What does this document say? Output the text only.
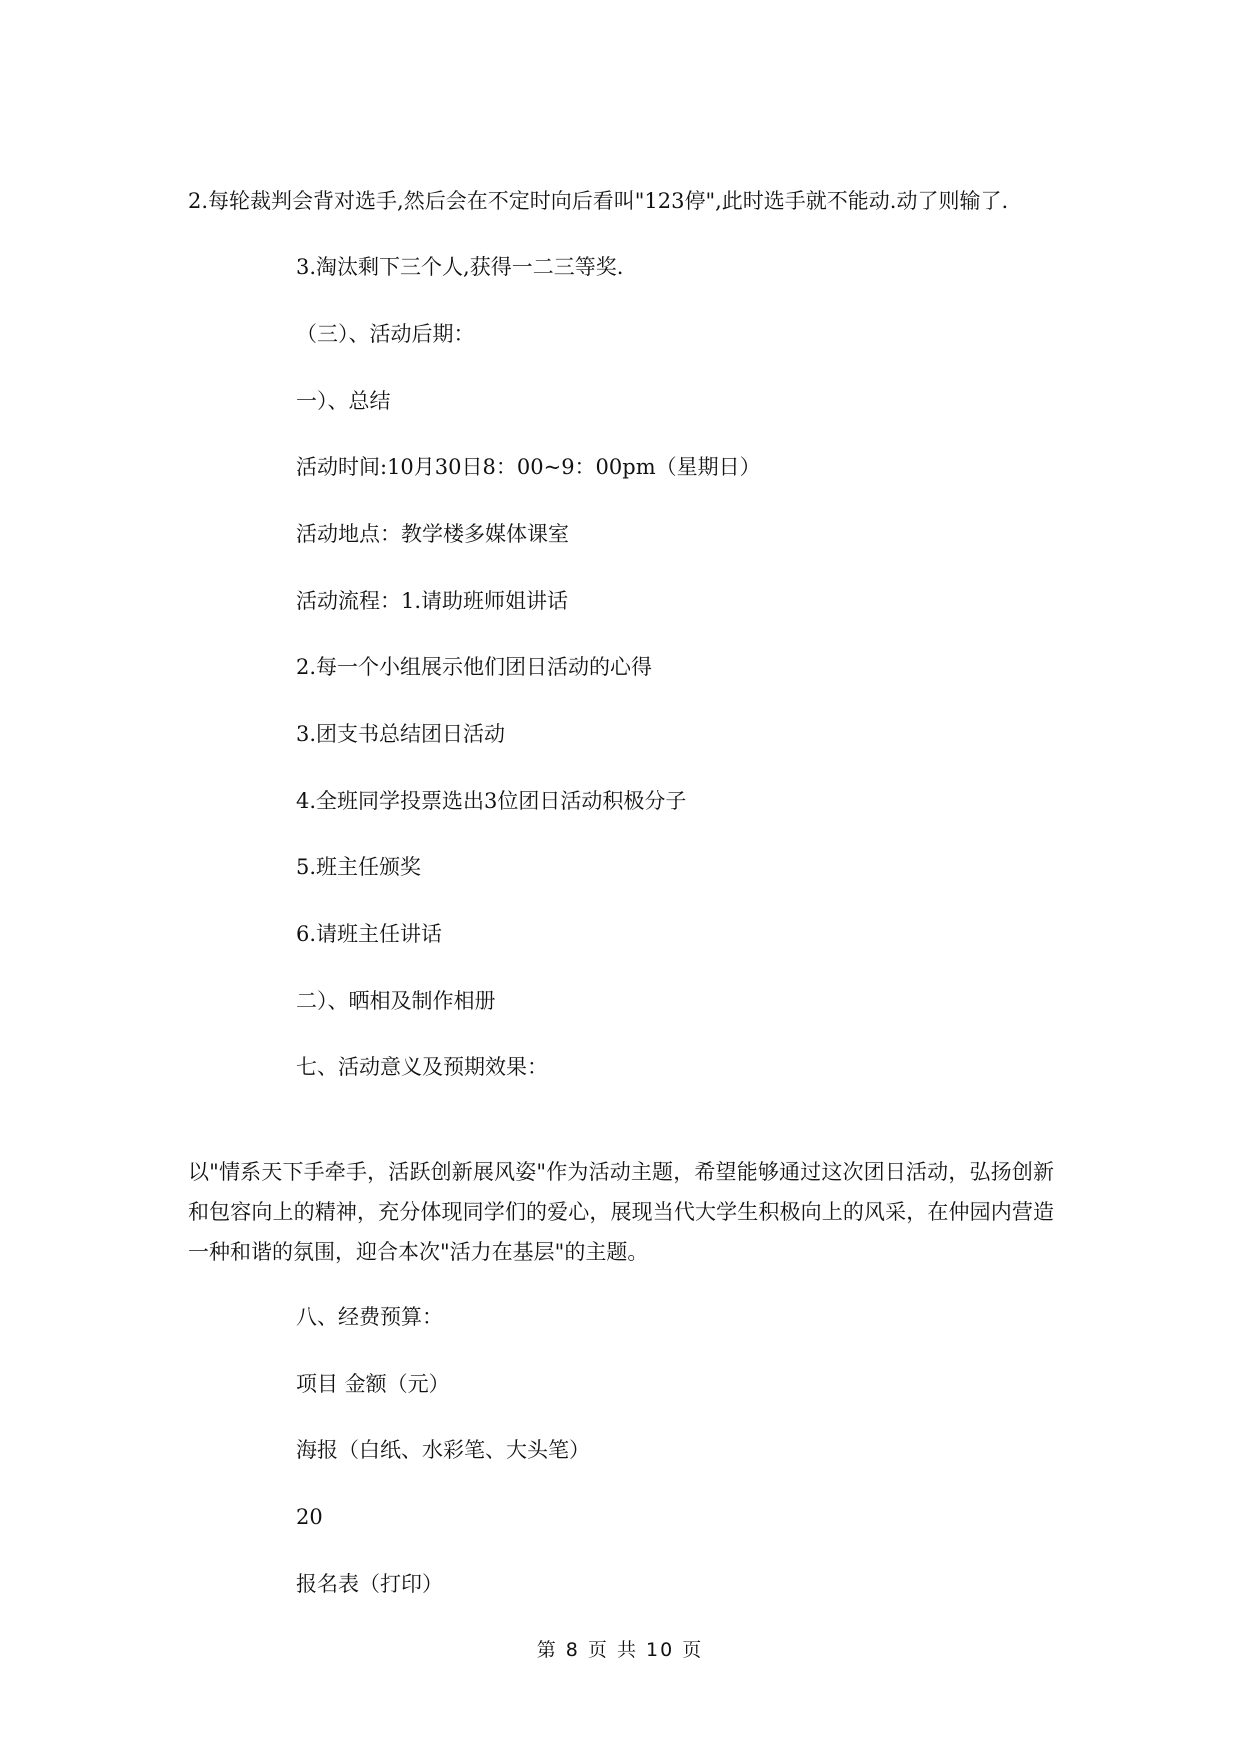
2.每轮裁判会背对选手,然后会在不定时向后看叫"123停",此时选手就不能动.动了则输了.

3.淘汰剩下三个人,获得一二三等奖.

（三）、活动后期：

一）、总结

活动时间:10月30日8：00~9：00pm（星期日）

活动地点：教学楼多媒体课室

活动流程：1.请助班师姐讲话

2.每一个小组展示他们团日活动的心得

3.团支书总结团日活动

4.全班同学投票选出3位团日活动积极分子

5.班主任颁奖

6.请班主任讲话

二）、晒相及制作相册

七、活动意义及预期效果：

以"情系天下手牵手，活跃创新展风姿"作为活动主题，希望能够通过这次团日活动，弘扬创新和包容向上的精神，充分体现同学们的爱心，展现当代大学生积极向上的风采，在仲园内营造一种和谐的氛围，迎合本次"活力在基层"的主题。

八、经费预算：

项目 金额（元）

海报（白纸、水彩笔、大头笔）

20

报名表（打印）

第 8 页 共 10 页
